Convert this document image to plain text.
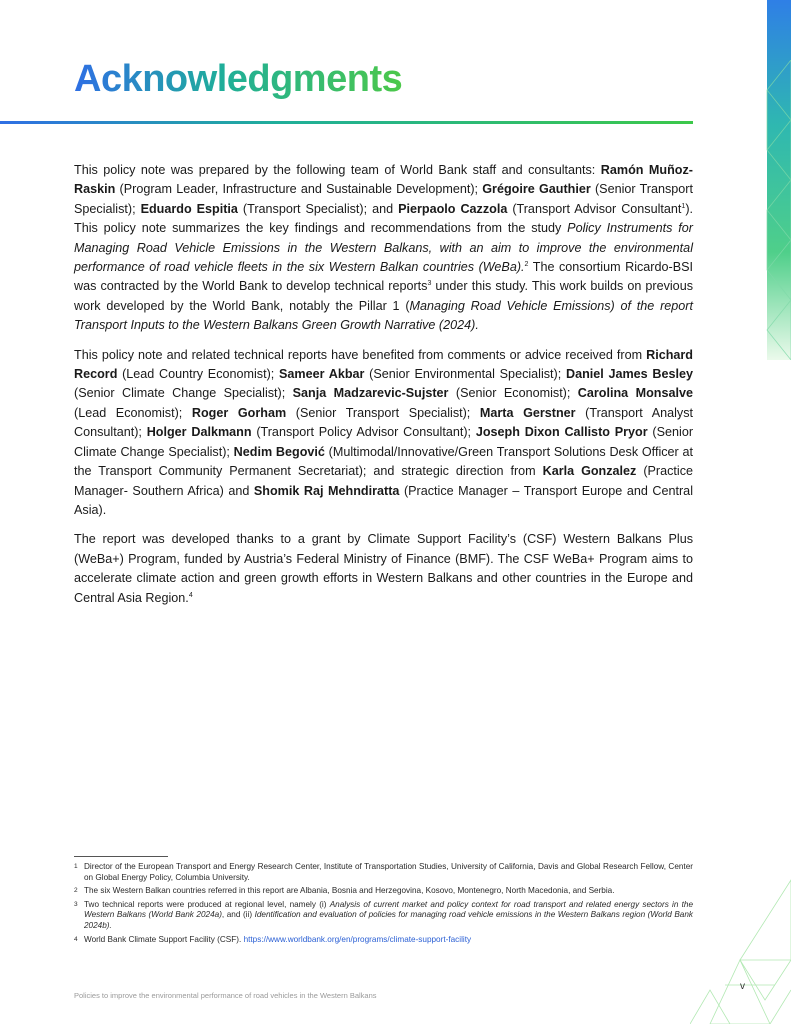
Acknowledgments

This policy note was prepared by the following team of World Bank staff and consultants: Ramón Muñoz-Raskin (Program Leader, Infrastructure and Sustainable Development); Grégoire Gauthier (Senior Transport Specialist); Eduardo Espitia (Transport Specialist); and Pierpaolo Cazzola (Transport Advisor Consultant$^1$). This policy note summarizes the key findings and recommendations from the study Policy Instruments for Managing Road Vehicle Emissions in the Western Balkans, with an aim to improve the environmental performance of road vehicle fleets in the six Western Balkan countries (WeBa).$^2$ The consortium Ricardo-BSI was contracted by the World Bank to develop technical reports$^3$ under this study. This work builds on previous work developed by the World Bank, notably the Pillar 1 (Managing Road Vehicle Emissions) of the report Transport Inputs to the Western Balkans Green Growth Narrative (2024).

This policy note and related technical reports have benefited from comments or advice received from Richard Record (Lead Country Economist); Sameer Akbar (Senior Environmental Specialist); Daniel James Besley (Senior Climate Change Specialist); Sanja Madzarevic-Sujster (Senior Economist); Carolina Monsalve (Lead Economist); Roger Gorham (Senior Transport Specialist); Marta Gerstner (Transport Analyst Consultant); Holger Dalkmann (Transport Policy Advisor Consultant); Joseph Dixon Callisto Pryor (Senior Climate Change Specialist); Nedim Begović (Multimodal/Innovative/Green Transport Solutions Desk Officer at the Transport Community Permanent Secretariat); and strategic direction from Karla Gonzalez (Practice Manager- Southern Africa) and Shomik Raj Mehndiratta (Practice Manager – Transport Europe and Central Asia).

The report was developed thanks to a grant by Climate Support Facility’s (CSF) Western Balkans Plus (WeBa+) Program, funded by Austria’s Federal Ministry of Finance (BMF). The CSF WeBa+ Program aims to accelerate climate action and green growth efforts in Western Balkans and other countries in the Europe and Central Asia Region.$^4$

1 Director of the European Transport and Energy Research Center, Institute of Transportation Studies, University of California, Davis and Global Research Fellow, Center on Global Energy Policy, Columbia University.
2 The six Western Balkan countries referred in this report are Albania, Bosnia and Herzegovina, Kosovo, Montenegro, North Macedonia, and Serbia.
3 Two technical reports were produced at regional level, namely (i) Analysis of current market and policy context for road transport and related energy sectors in the Western Balkans (World Bank 2024a), and (ii) Identification and evaluation of policies for managing road vehicle emissions in the Western Balkans region (World Bank 2024b).
4 World Bank Climate Support Facility (CSF). https://www.worldbank.org/en/programs/climate-support-facility
Policies to improve the environmental performance of road vehicles in the Western Balkans
v
